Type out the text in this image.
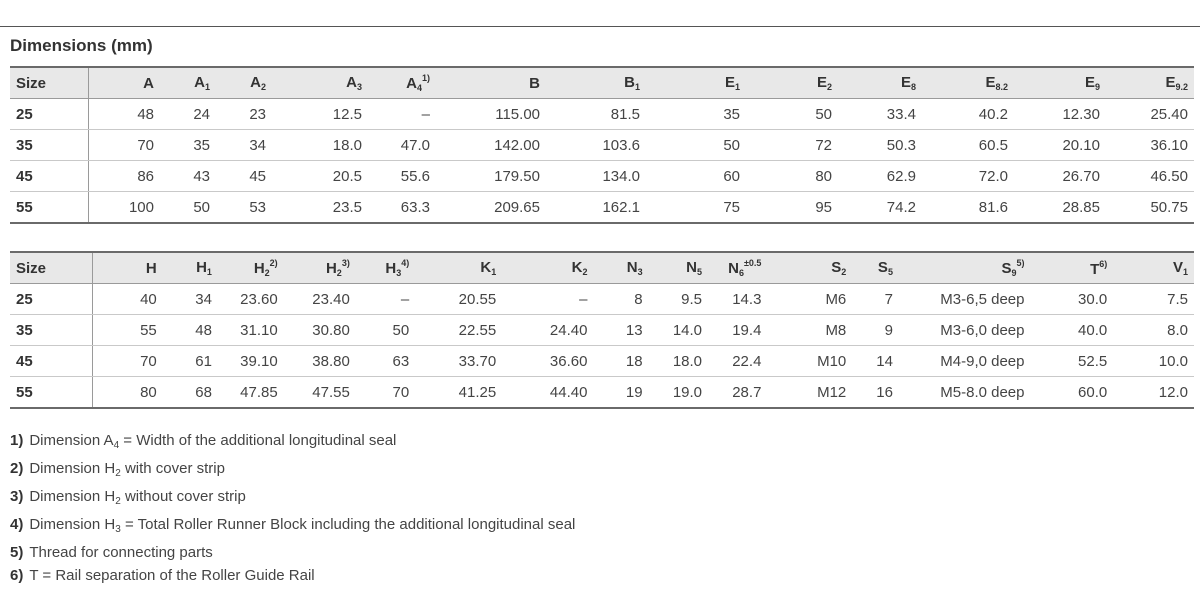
Dimensions (mm)
Size	A	$A_1$	$A_2$	$A_3$	$A_4^{1)}$	B	$B_1$	$E_1$	$E_2$	$E_8$	$E_{8.2}$	$E_9$	$E_{9.2}$
25	48	24	23	12.5	–	115.00	81.5	35	50	33.4	40.2	12.30	25.40
35	70	35	34	18.0	47.0	142.00	103.6	50	72	50.3	60.5	20.10	36.10
45	86	43	45	20.5	55.6	179.50	134.0	60	80	62.9	72.0	26.70	46.50
55	100	50	53	23.5	63.3	209.65	162.1	75	95	74.2	81.6	28.85	50.75
Size	H	$H_1$	$H_2^{2)}$	$H_2^{3)}$	$H_3^{4)}$	$K_1$	$K_2$	$N_3$	$N_5$	$N_6^{\pm 0.5}$	$S_2$	$S_5$	$S_9^{5)}$	$T^{6)}$	$V_1$
25	40	34	23.60	23.40	–	20.55	–	8	9.5	14.3	M6	7	M3-6,5 deep	30.0	7.5
35	55	48	31.10	30.80	50	22.55	24.40	13	14.0	19.4	M8	9	M3-6,0 deep	40.0	8.0
45	70	61	39.10	38.80	63	33.70	36.60	18	18.0	22.4	M10	14	M4-9,0 deep	52.5	10.0
55	80	68	47.85	47.55	70	41.25	44.40	19	19.0	28.7	M12	16	M5-8.0 deep	60.0	12.0
1) Dimension $A_4$ = Width of the additional longitudinal seal
2) Dimension $H_2$ with cover strip
3) Dimension $H_2$ without cover strip
4) Dimension $H_3$ = Total Roller Runner Block including the additional longitudinal seal
5) Thread for connecting parts
6) T = Rail separation of the Roller Guide Rail
